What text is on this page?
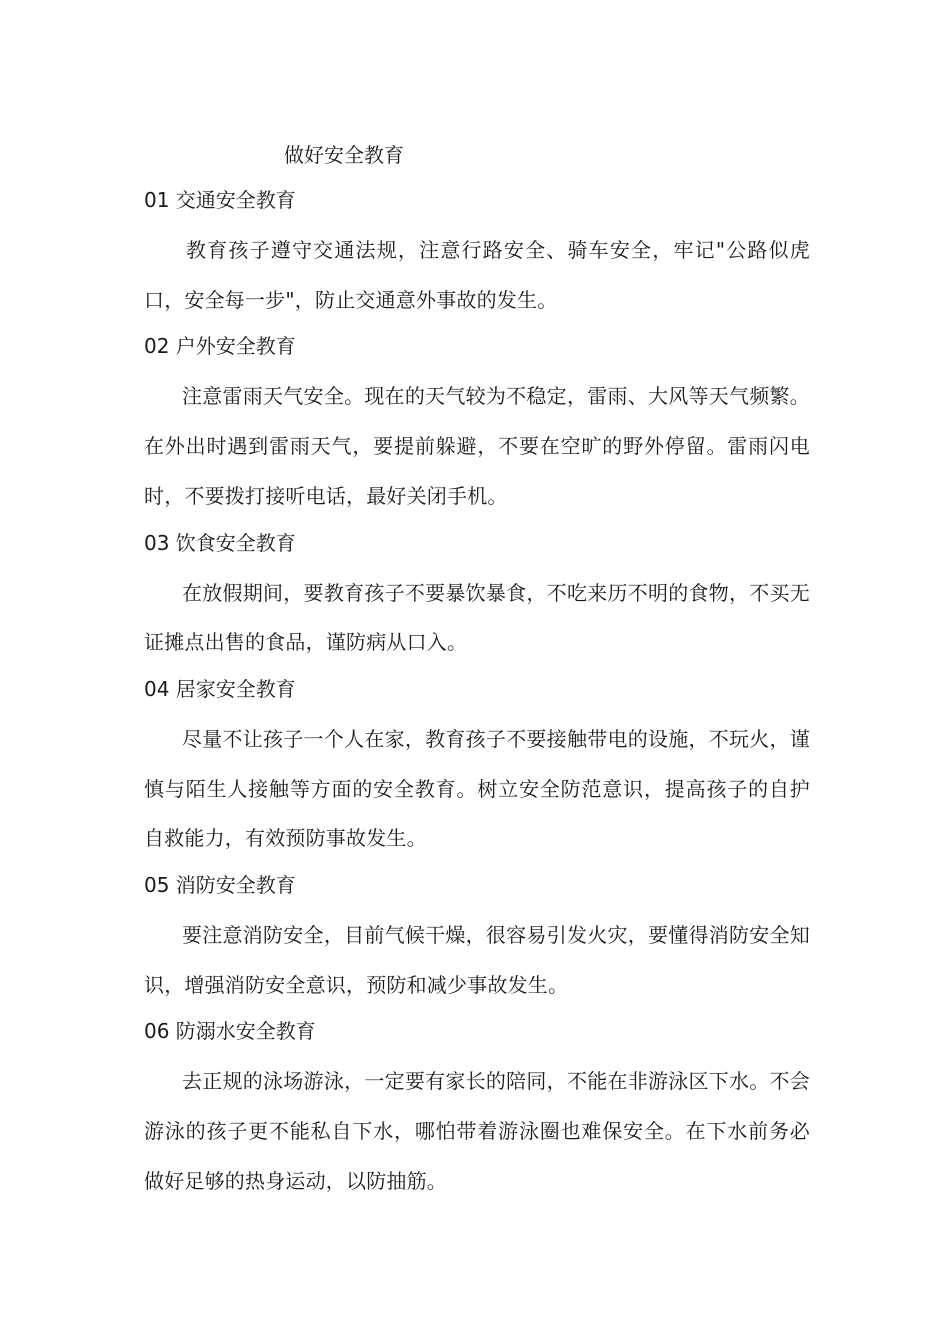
做好安全教育
01 交通安全教育

教育孩子遵守交通法规，注意行路安全、骑车安全，牢记"公路似虎口，安全每一步"，防止交通意外事故的发生。

02 户外安全教育

注意雷雨天气安全。现在的天气较为不稳定，雷雨、大风等天气频繁。在外出时遇到雷雨天气，要提前躲避，不要在空旷的野外停留。雷雨闪电时，不要拨打接听电话，最好关闭手机。

03 饮食安全教育

在放假期间，要教育孩子不要暴饮暴食，不吃来历不明的食物，不买无证摊点出售的食品，谨防病从口入。

04 居家安全教育

尽量不让孩子一个人在家，教育孩子不要接触带电的设施，不玩火，谨慎与陌生人接触等方面的安全教育。树立安全防范意识，提高孩子的自护自救能力，有效预防事故发生。

05 消防安全教育

要注意消防安全，目前气候干燥，很容易引发火灾，要懂得消防安全知识，增强消防安全意识，预防和减少事故发生。

06 防溺水安全教育

去正规的泳场游泳，一定要有家长的陪同，不能在非游泳区下水。不会游泳的孩子更不能私自下水，哪怕带着游泳圈也难保安全。在下水前务必做好足够的热身运动，以防抽筋。
